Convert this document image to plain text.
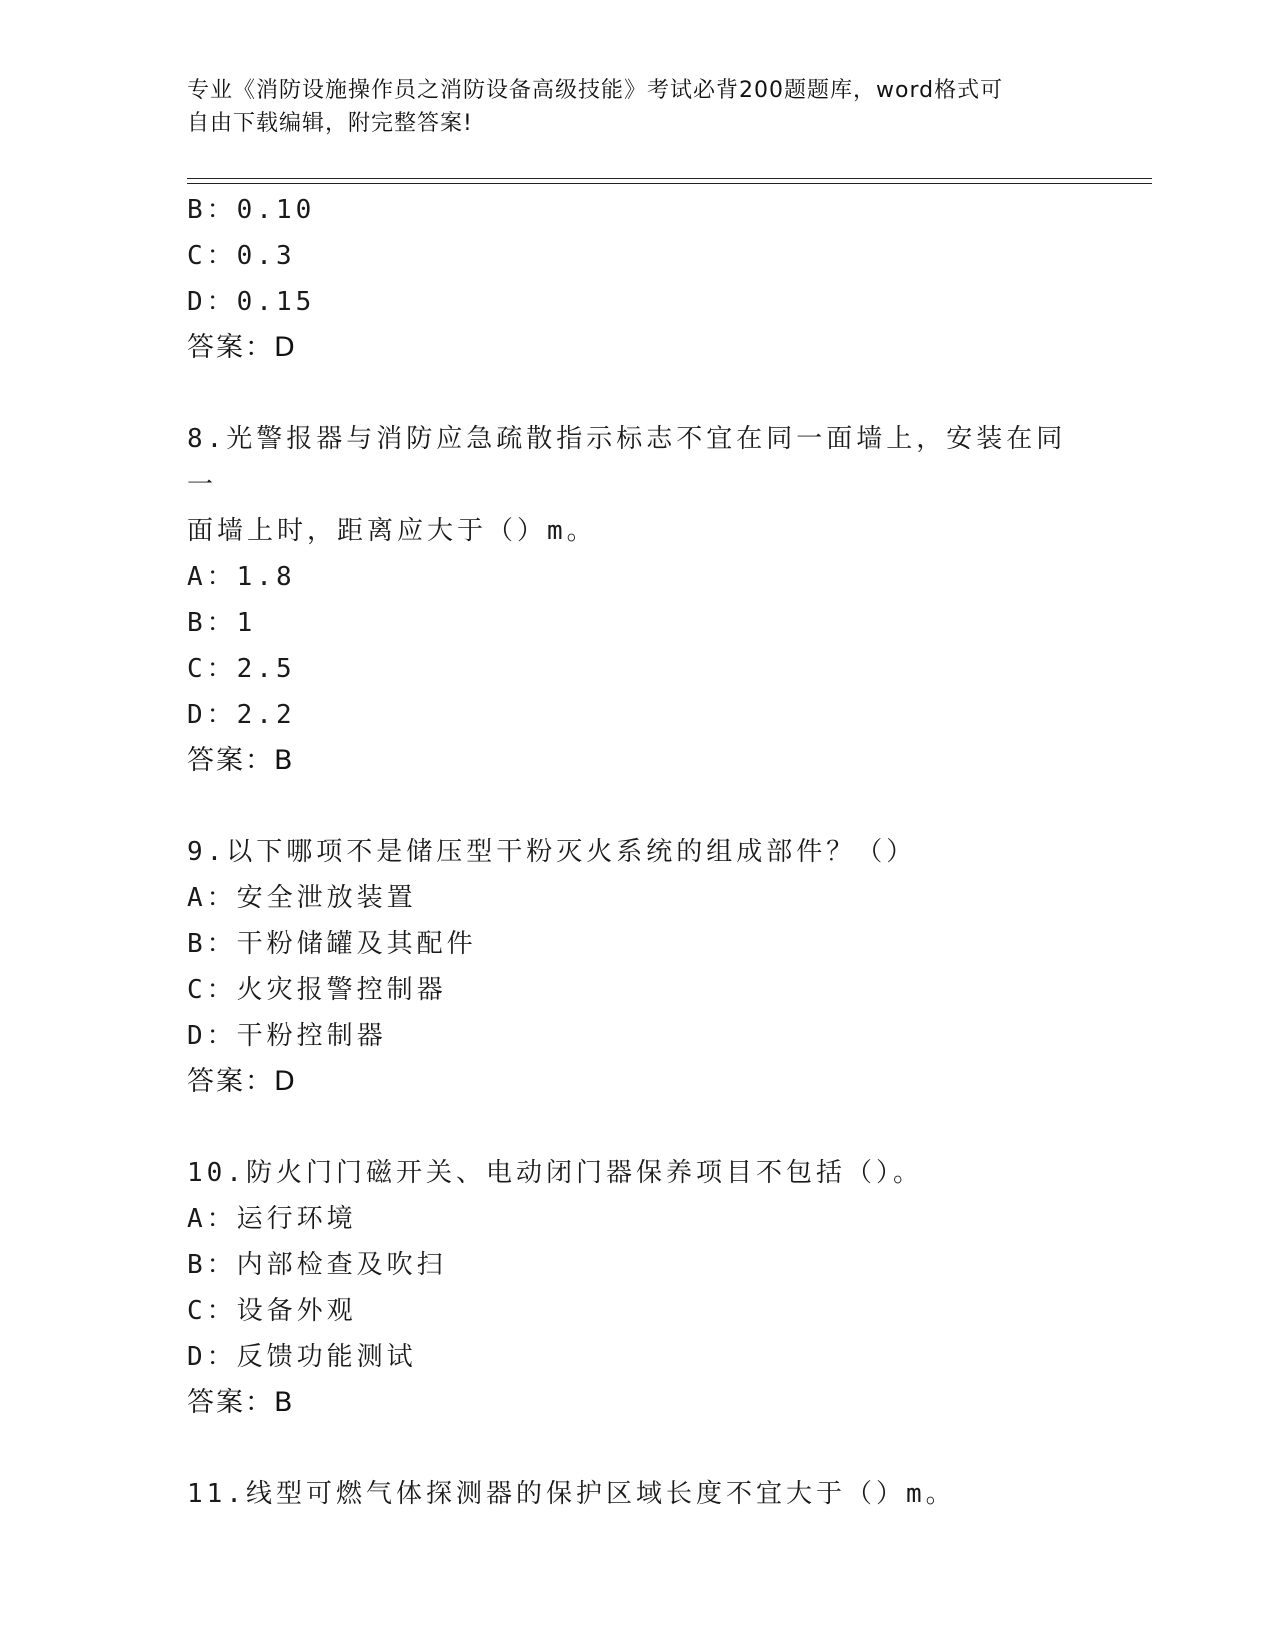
专业《消防设施操作员之消防设备高级技能》考试必背200题题库，word格式可
自由下载编辑，附完整答案!
B：0.10
C：0.3
D：0.15
答案：D
8.光警报器与消防应急疏散指示标志不宜在同一面墙上，安装在同一
面墙上时，距离应大于（）m。
A：1.8
B：1
C：2.5
D：2.2
答案：B
9.以下哪项不是储压型干粉灭火系统的组成部件？（）
A：安全泄放装置
B：干粉储罐及其配件
C：火灾报警控制器
D：干粉控制器
答案：D
10.防火门门磁开关、电动闭门器保养项目不包括（）。
A：运行环境
B：内部检查及吹扫
C：设备外观
D：反馈功能测试
答案：B
11.线型可燃气体探测器的保护区域长度不宜大于（）m。
